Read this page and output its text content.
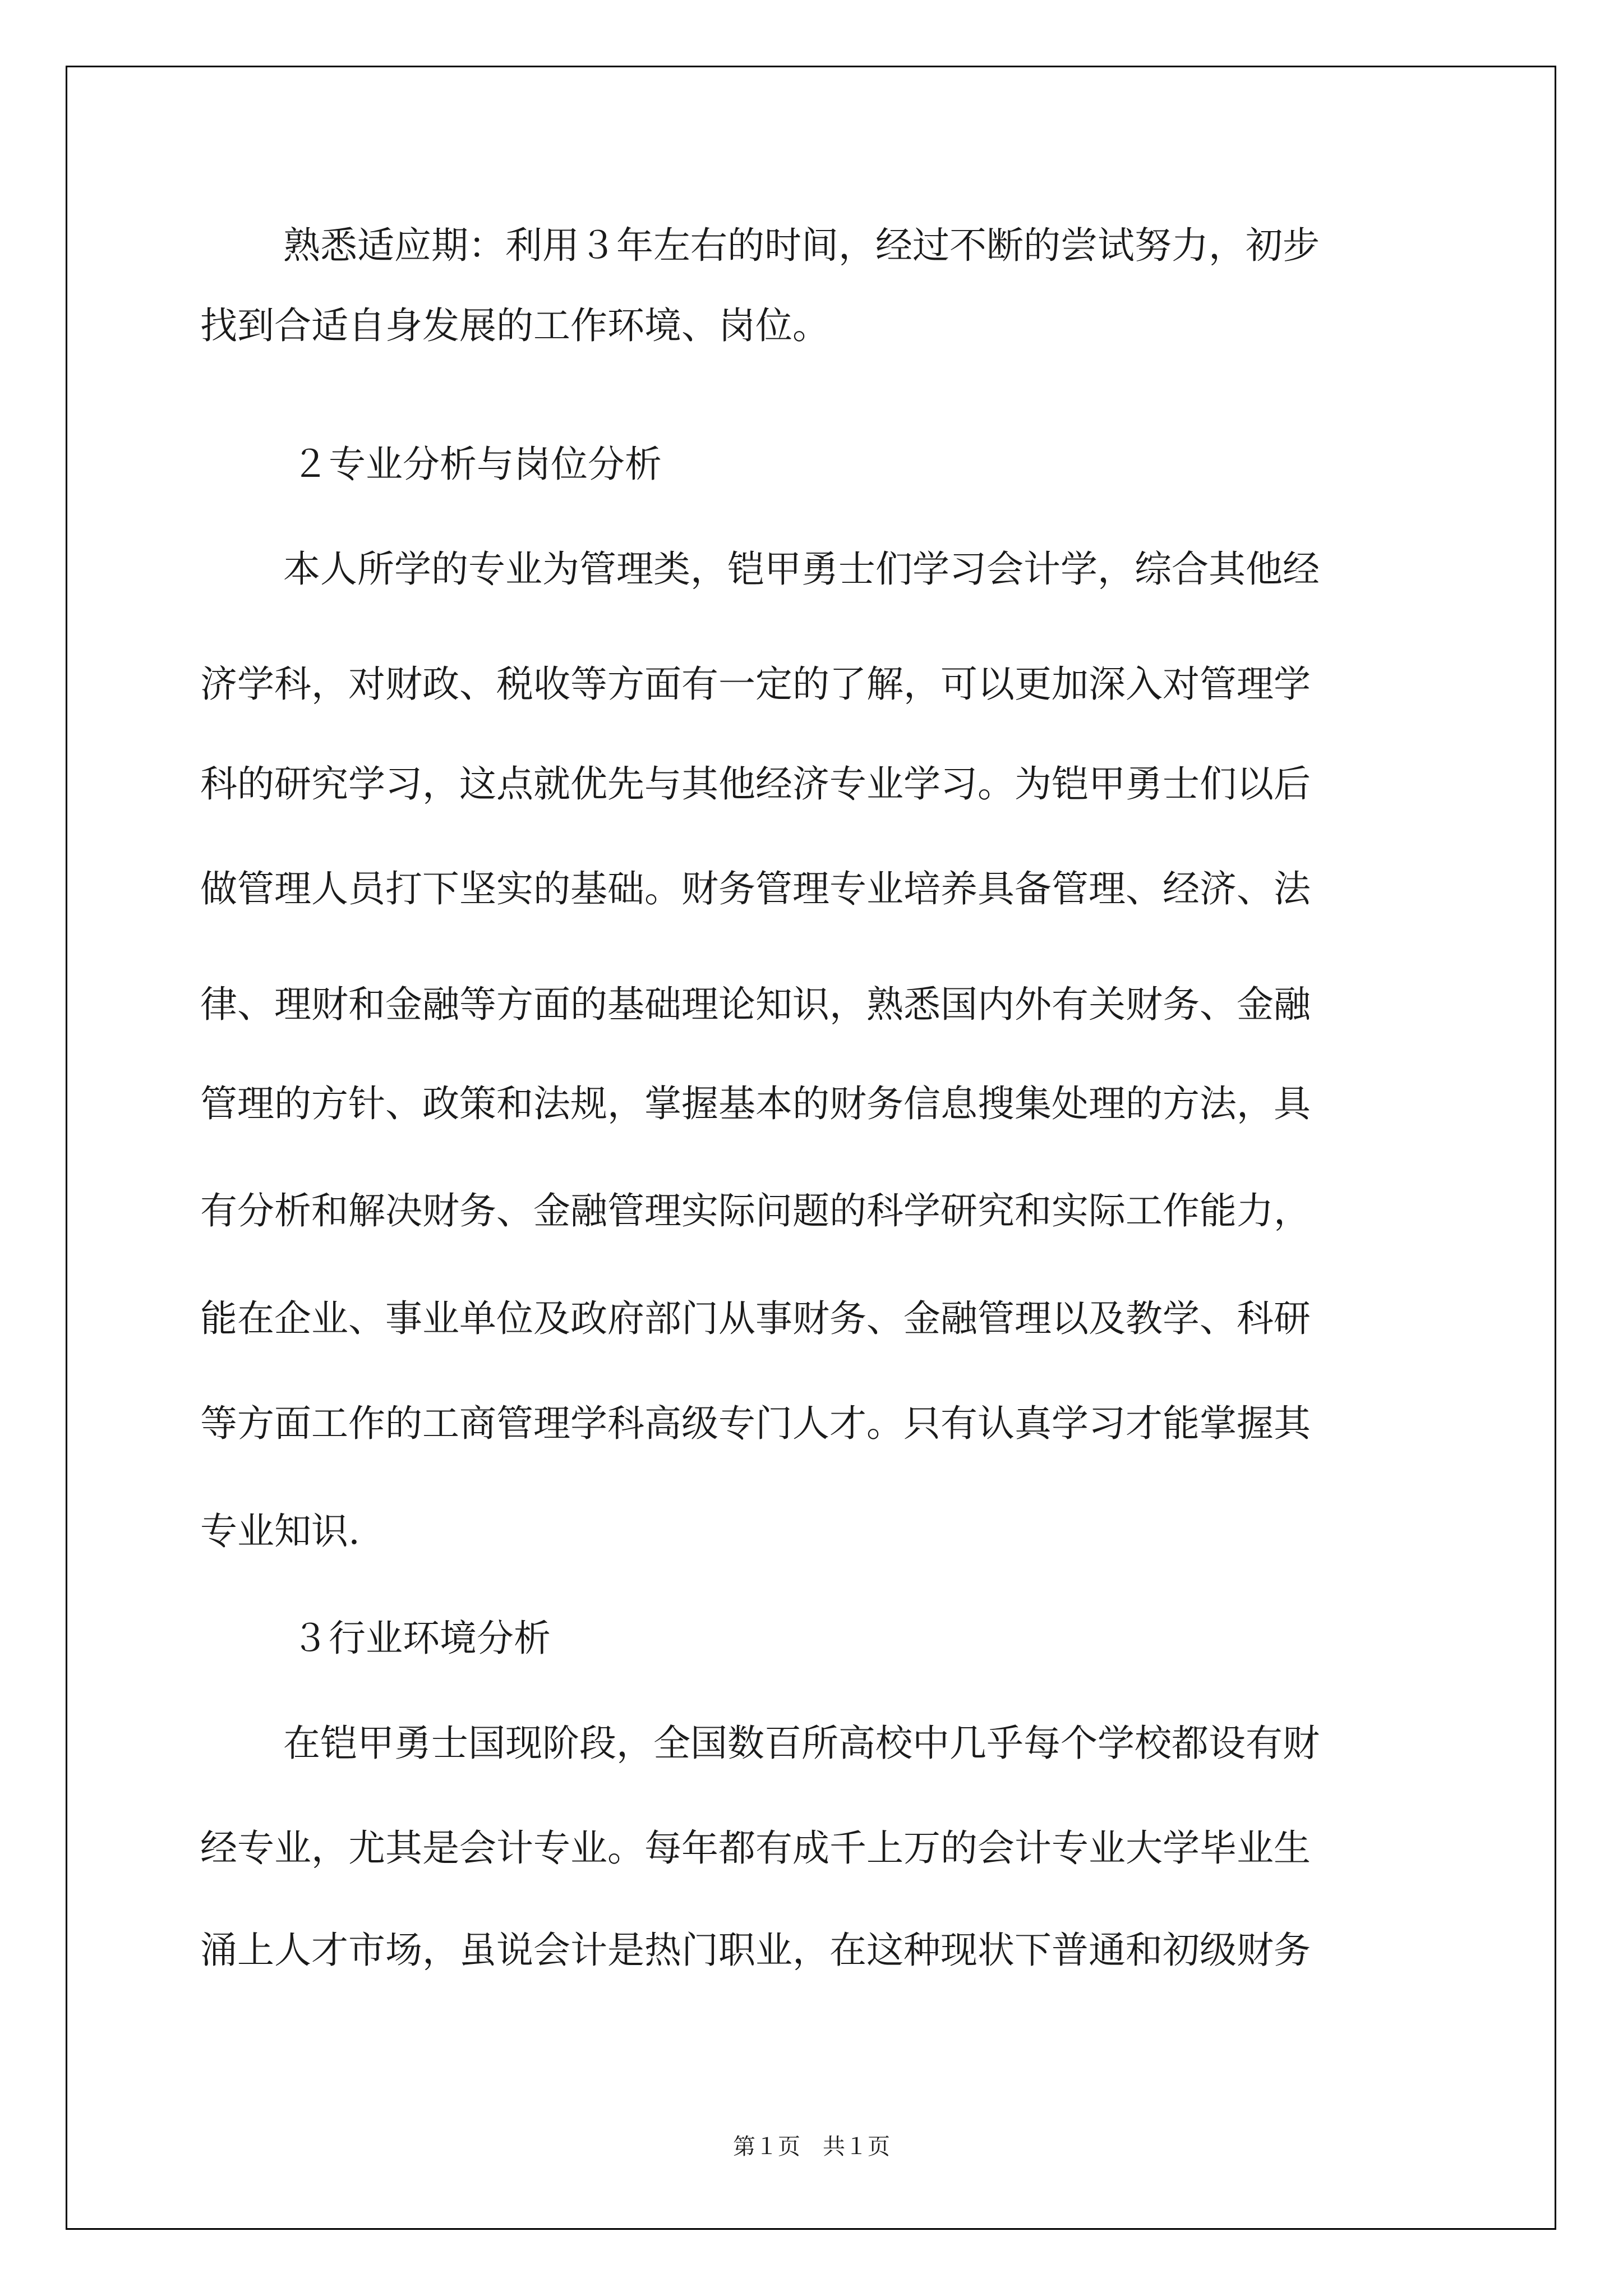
熟悉适应期：利用３年左右的时间，经过不断的尝试努力，初步
找到合适自身发展的工作环境、岗位。
２专业分析与岗位分析
本人所学的专业为管理类，铠甲勇士们学习会计学，综合其他经
济学科，对财政、税收等方面有一定的了解，可以更加深入对管理学
科的研究学习，这点就优先与其他经济专业学习。为铠甲勇士们以后
做管理人员打下坚实的基础。财务管理专业培养具备管理、经济、法
律、理财和金融等方面的基础理论知识，熟悉国内外有关财务、金融
管理的方针、政策和法规，掌握基本的财务信息搜集处理的方法，具
有分析和解决财务、金融管理实际问题的科学研究和实际工作能力，
能在企业、事业单位及政府部门从事财务、金融管理以及教学、科研
等方面工作的工商管理学科高级专门人才。只有认真学习才能掌握其
专业知识.
３行业环境分析
在铠甲勇士国现阶段，全国数百所高校中几乎每个学校都设有财
经专业，尤其是会计专业。每年都有成千上万的会计专业大学毕业生
涌上人才市场，虽说会计是热门职业，在这种现状下普通和初级财务
第１页　共１页
